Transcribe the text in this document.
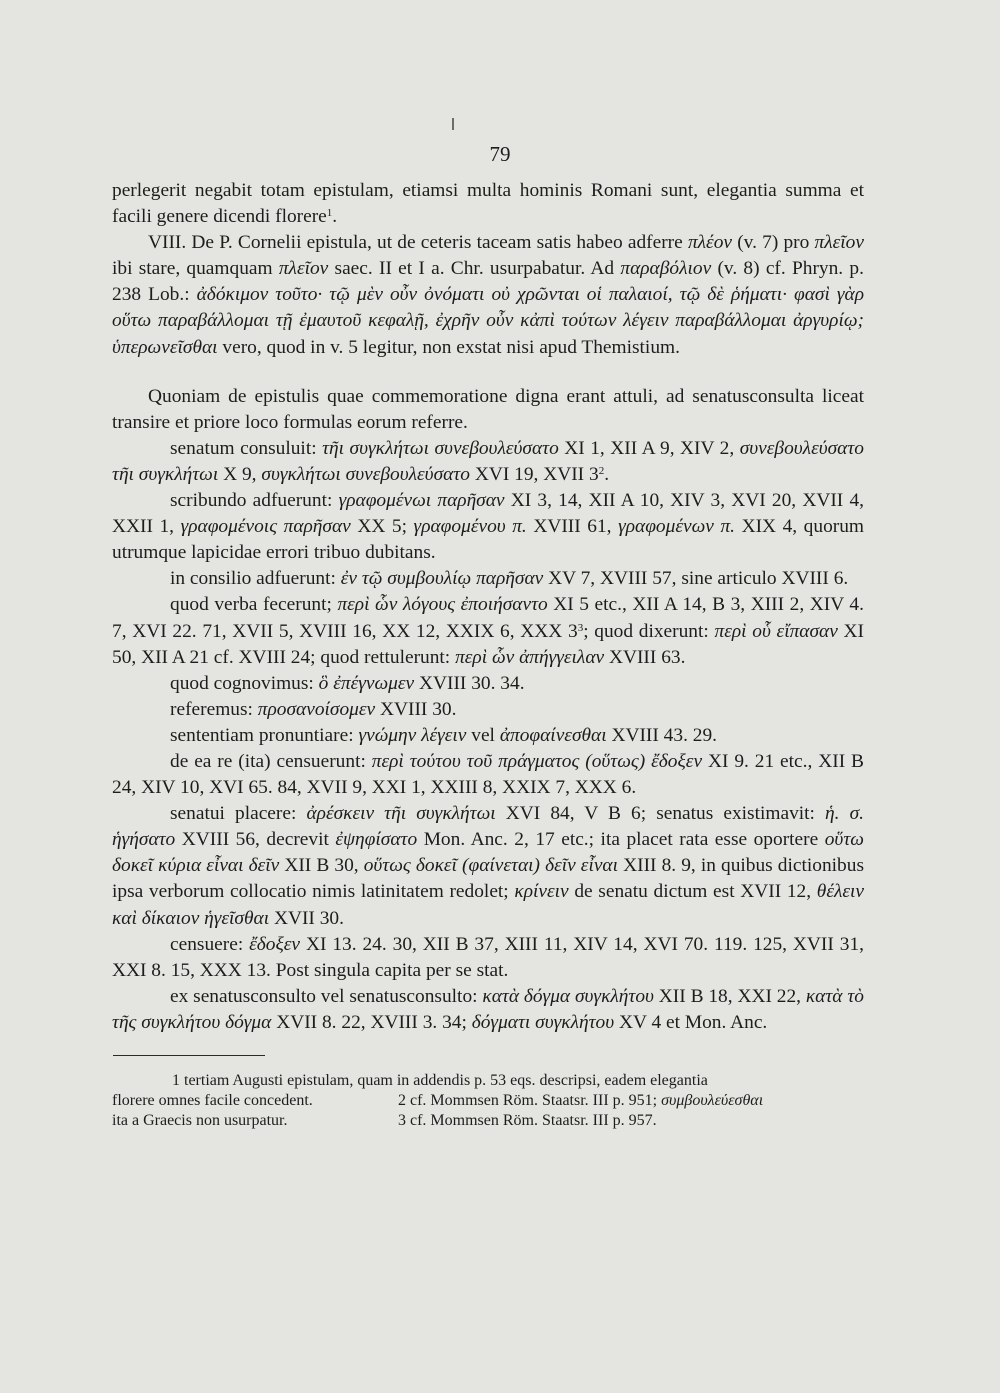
79

perlegerit negabit totam epistulam, etiamsi multa hominis Romani sunt, elegantia summa et facili genere dicendi florere$^1$.

VIII. De P. Cornelii epistula, ut de ceteris taceam satis habeo adferre πλέον (v. 7) pro πλεῖον ibi stare, quamquam πλεῖον saec. II et I a. Chr. usurpabatur. Ad παραβόλιον (v. 8) cf. Phryn. p. 238 Lob.: ἀδόκιμον τοῦτο· τῷ μὲν οὖν ὀνόματι οὐ χρῶνται οἱ παλαιοί, τῷ δὲ ῥήματι· φασὶ γὰρ οὕτω παραβάλλομαι τῇ ἐμαυτοῦ κεφαλῇ, ἐχρῆν οὖν κἀπὶ τούτων λέγειν παραβάλλομαι ἀργυρίῳ; ὑπερωνεῖσθαι vero, quod in v. 5 legitur, non exstat nisi apud Themistium.

Quoniam de epistulis quae commemoratione digna erant attuli, ad senatusconsulta liceat transire et priore loco formulas eorum referre.

senatum consuluit: τῆι συγκλήτωι συνεβουλεύσατο XI 1, XII A 9, XIV 2, συνεβουλεύσατο τῆι συγκλήτωι X 9, συγκλήτωι συνεβουλεύσατο XVI 19, XVII $3^2$.

scribundo adfuerunt: γραφομένωι παρῆσαν XI 3, 14, XII A 10, XIV 3, XVI 20, XVII 4, XXII 1, γραφομένοις παρῆσαν XX 5; γραφομένου π. XVIII 61, γραφομένων π. XIX 4, quorum utrumque lapicidae errori tribuo dubitans.

in consilio adfuerunt: ἐν τῷ συμβουλίῳ παρῆσαν XV 7, XVIII 57, sine articulo XVIII 6.

quod verba fecerunt; περὶ ὧν λόγους ἐποιήσαντο XI 5 etc., XII A 14, B 3, XIII 2, XIV 4. 7, XVI 22. 71, XVII 5, XVIII 16, XX 12, XXIX 6, XXX $3^3$; quod dixerunt: περὶ οὗ εἴπασαν XI 50, XII A 21 cf. XVIII 24; quod rettulerunt: περὶ ὧν ἀπήγγειλαν XVIII 63.

quod cognovimus: ὃ ἐπέγνωμεν XVIII 30. 34.

referemus: προσανοίσομεν XVIII 30.

sententiam pronuntiare: γνώμην λέγειν vel ἀποφαίνεσθαι XVIII 43. 29.

de ea re (ita) censuerunt: περὶ τούτου τοῦ πράγματος (οὕτως) ἔδοξεν XI 9. 21 etc., XII B 24, XIV 10, XVI 65. 84, XVII 9, XXI 1, XXIII 8, XXIX 7, XXX 6.

senatui placere: ἀρέσκειν τῆι συγκλήτωι XVI 84, V B 6; senatus existimavit: ἡ. σ. ἡγήσατο XVIII 56, decrevit ἐψηφίσατο Mon. Anc. 2, 17 etc.; ita placet rata esse oportere οὕτω δοκεῖ κύρια εἶναι δεῖν XII B 30, οὕτως δοκεῖ (φαίνεται) δεῖν εἶναι XIII 8. 9, in quibus dictionibus ipsa verborum collocatio nimis latinitatem redolet; κρίνειν de senatu dictum est XVII 12, θέλειν καὶ δίκαιον ἡγεῖσθαι XVII 30.

censuere: ἔδοξεν XI 13. 24. 30, XII B 37, XIII 11, XIV 14, XVI 70. 119. 125, XVII 31, XXI 8. 15, XXX 13. Post singula capita per se stat.

ex senatusconsulto vel senatusconsulto: κατὰ δόγμα συγκλήτου XII B 18, XXI 22, κατὰ τὸ τῆς συγκλήτου δόγμα XVII 8. 22, XVIII 3. 34; δόγματι συγκλήτου XV 4 et Mon. Anc.

1 tertiam Augusti epistulam, quam in addendis p. 53 eqs. descripsi, eadem elegantia
florere omnes facile concedent.	2 cf. Mommsen Röm. Staatsr. III p. 951; συμβουλεύεσθαι
ita a Graecis non usurpatur.	3 cf. Mommsen Röm. Staatsr. III p. 957.
